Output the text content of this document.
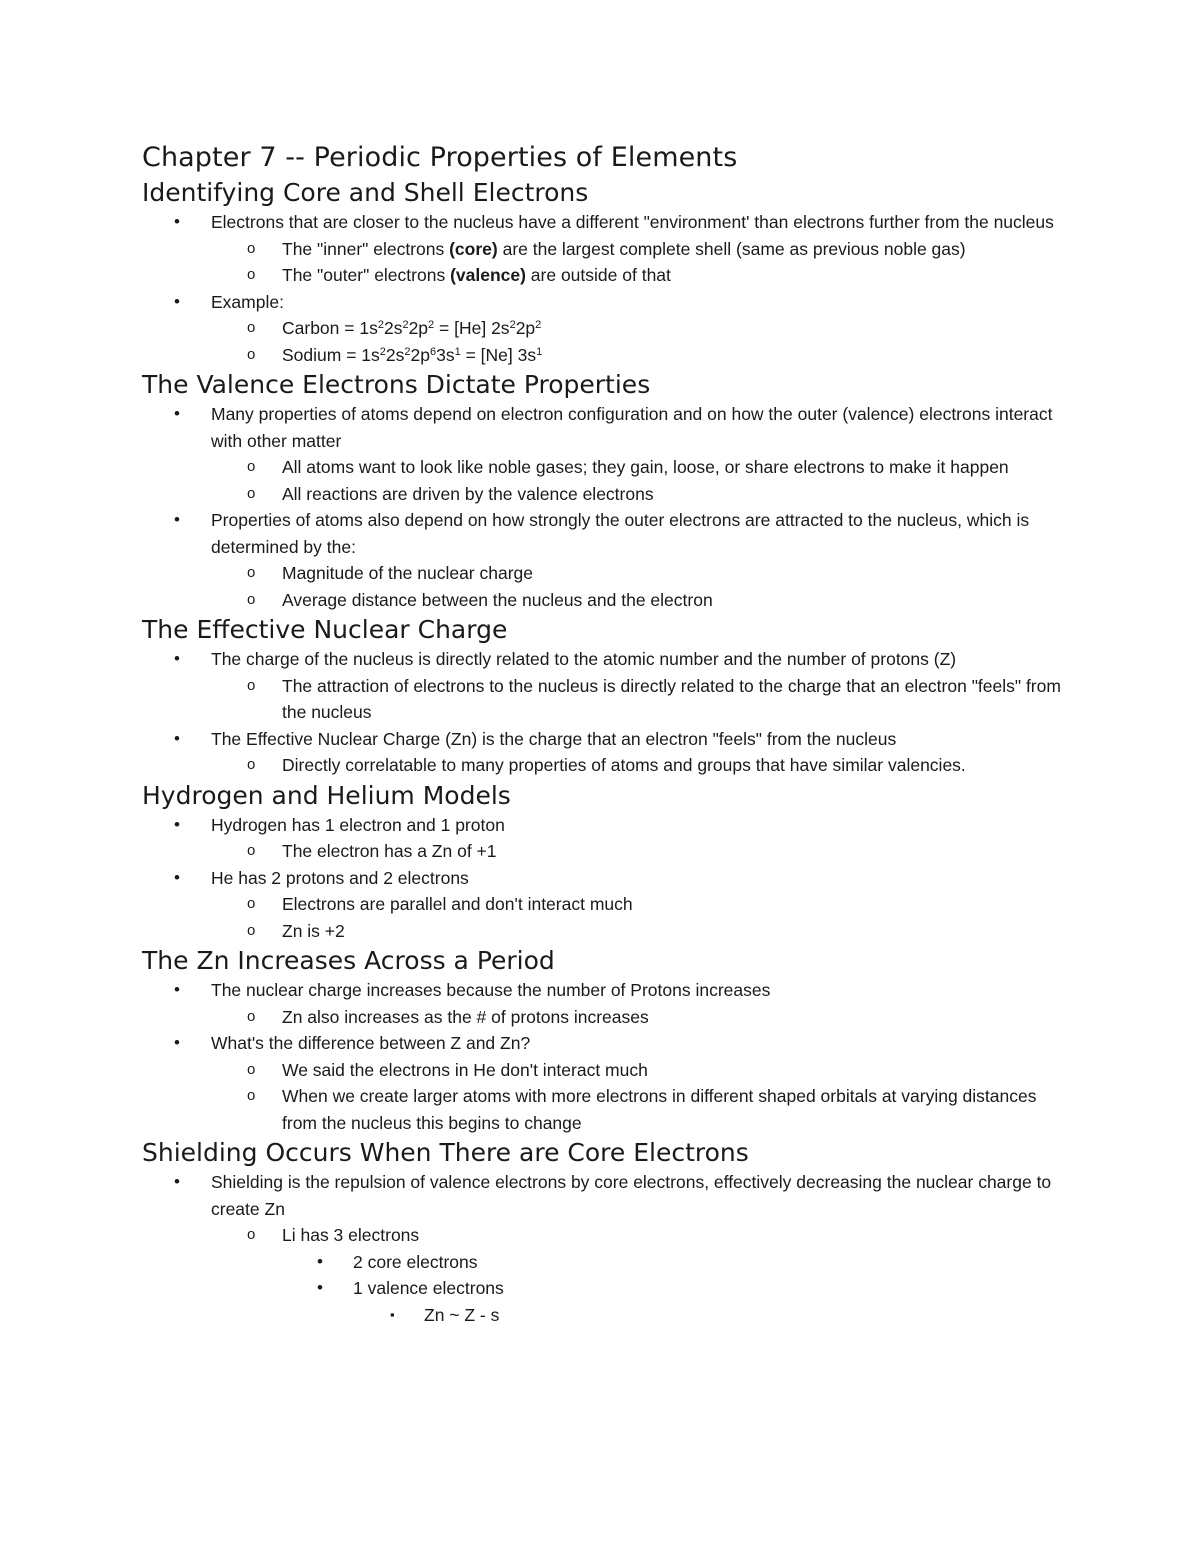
Chapter 7 -- Periodic Properties of Elements
Identifying Core and Shell Electrons
• Electrons that are closer to the nucleus have a different "environment' than electrons further from the nucleus
o The "inner" electrons (core) are the largest complete shell (same as previous noble gas)
o The "outer" electrons (valence) are outside of that
• Example:
o Carbon = $1s^22s^22p^2 = [He]$ $2s^22p^2$
o Sodium = $1s^22s^22p^63s^1 = [Ne]$ $3s^1$
The Valence Electrons Dictate Properties
• Many properties of atoms depend on electron configuration and on how the outer (valence) electrons interact with other matter
o All atoms want to look like noble gases; they gain, loose, or share electrons to make it happen
o All reactions are driven by the valence electrons
• Properties of atoms also depend on how strongly the outer electrons are attracted to the nucleus, which is determined by the:
o Magnitude of the nuclear charge
o Average distance between the nucleus and the electron
The Effective Nuclear Charge
• The charge of the nucleus is directly related to the atomic number and the number of protons (Z)
o The attraction of electrons to the nucleus is directly related to the charge that an electron "feels" from the nucleus
• The Effective Nuclear Charge (Zn) is the charge that an electron "feels" from the nucleus
o Directly correlatable to many properties of atoms and groups that have similar valencies.
Hydrogen and Helium Models
• Hydrogen has 1 electron and 1 proton
o The electron has a Zn of +1
• He has 2 protons and 2 electrons
o Electrons are parallel and don't interact much
o Zn is +2
The Zn Increases Across a Period
• The nuclear charge increases because the number of Protons increases
o Zn also increases as the # of protons increases
• What's the difference between Z and Zn?
o We said the electrons in He don't interact much
o When we create larger atoms with more electrons in different shaped orbitals at varying distances from the nucleus this begins to change
Shielding Occurs When There are Core Electrons
• Shielding is the repulsion of valence electrons by core electrons, effectively decreasing the nuclear charge to create Zn
o Li has 3 electrons
• 2 core electrons
• 1 valence electrons
▪ Zn ~ Z - s
